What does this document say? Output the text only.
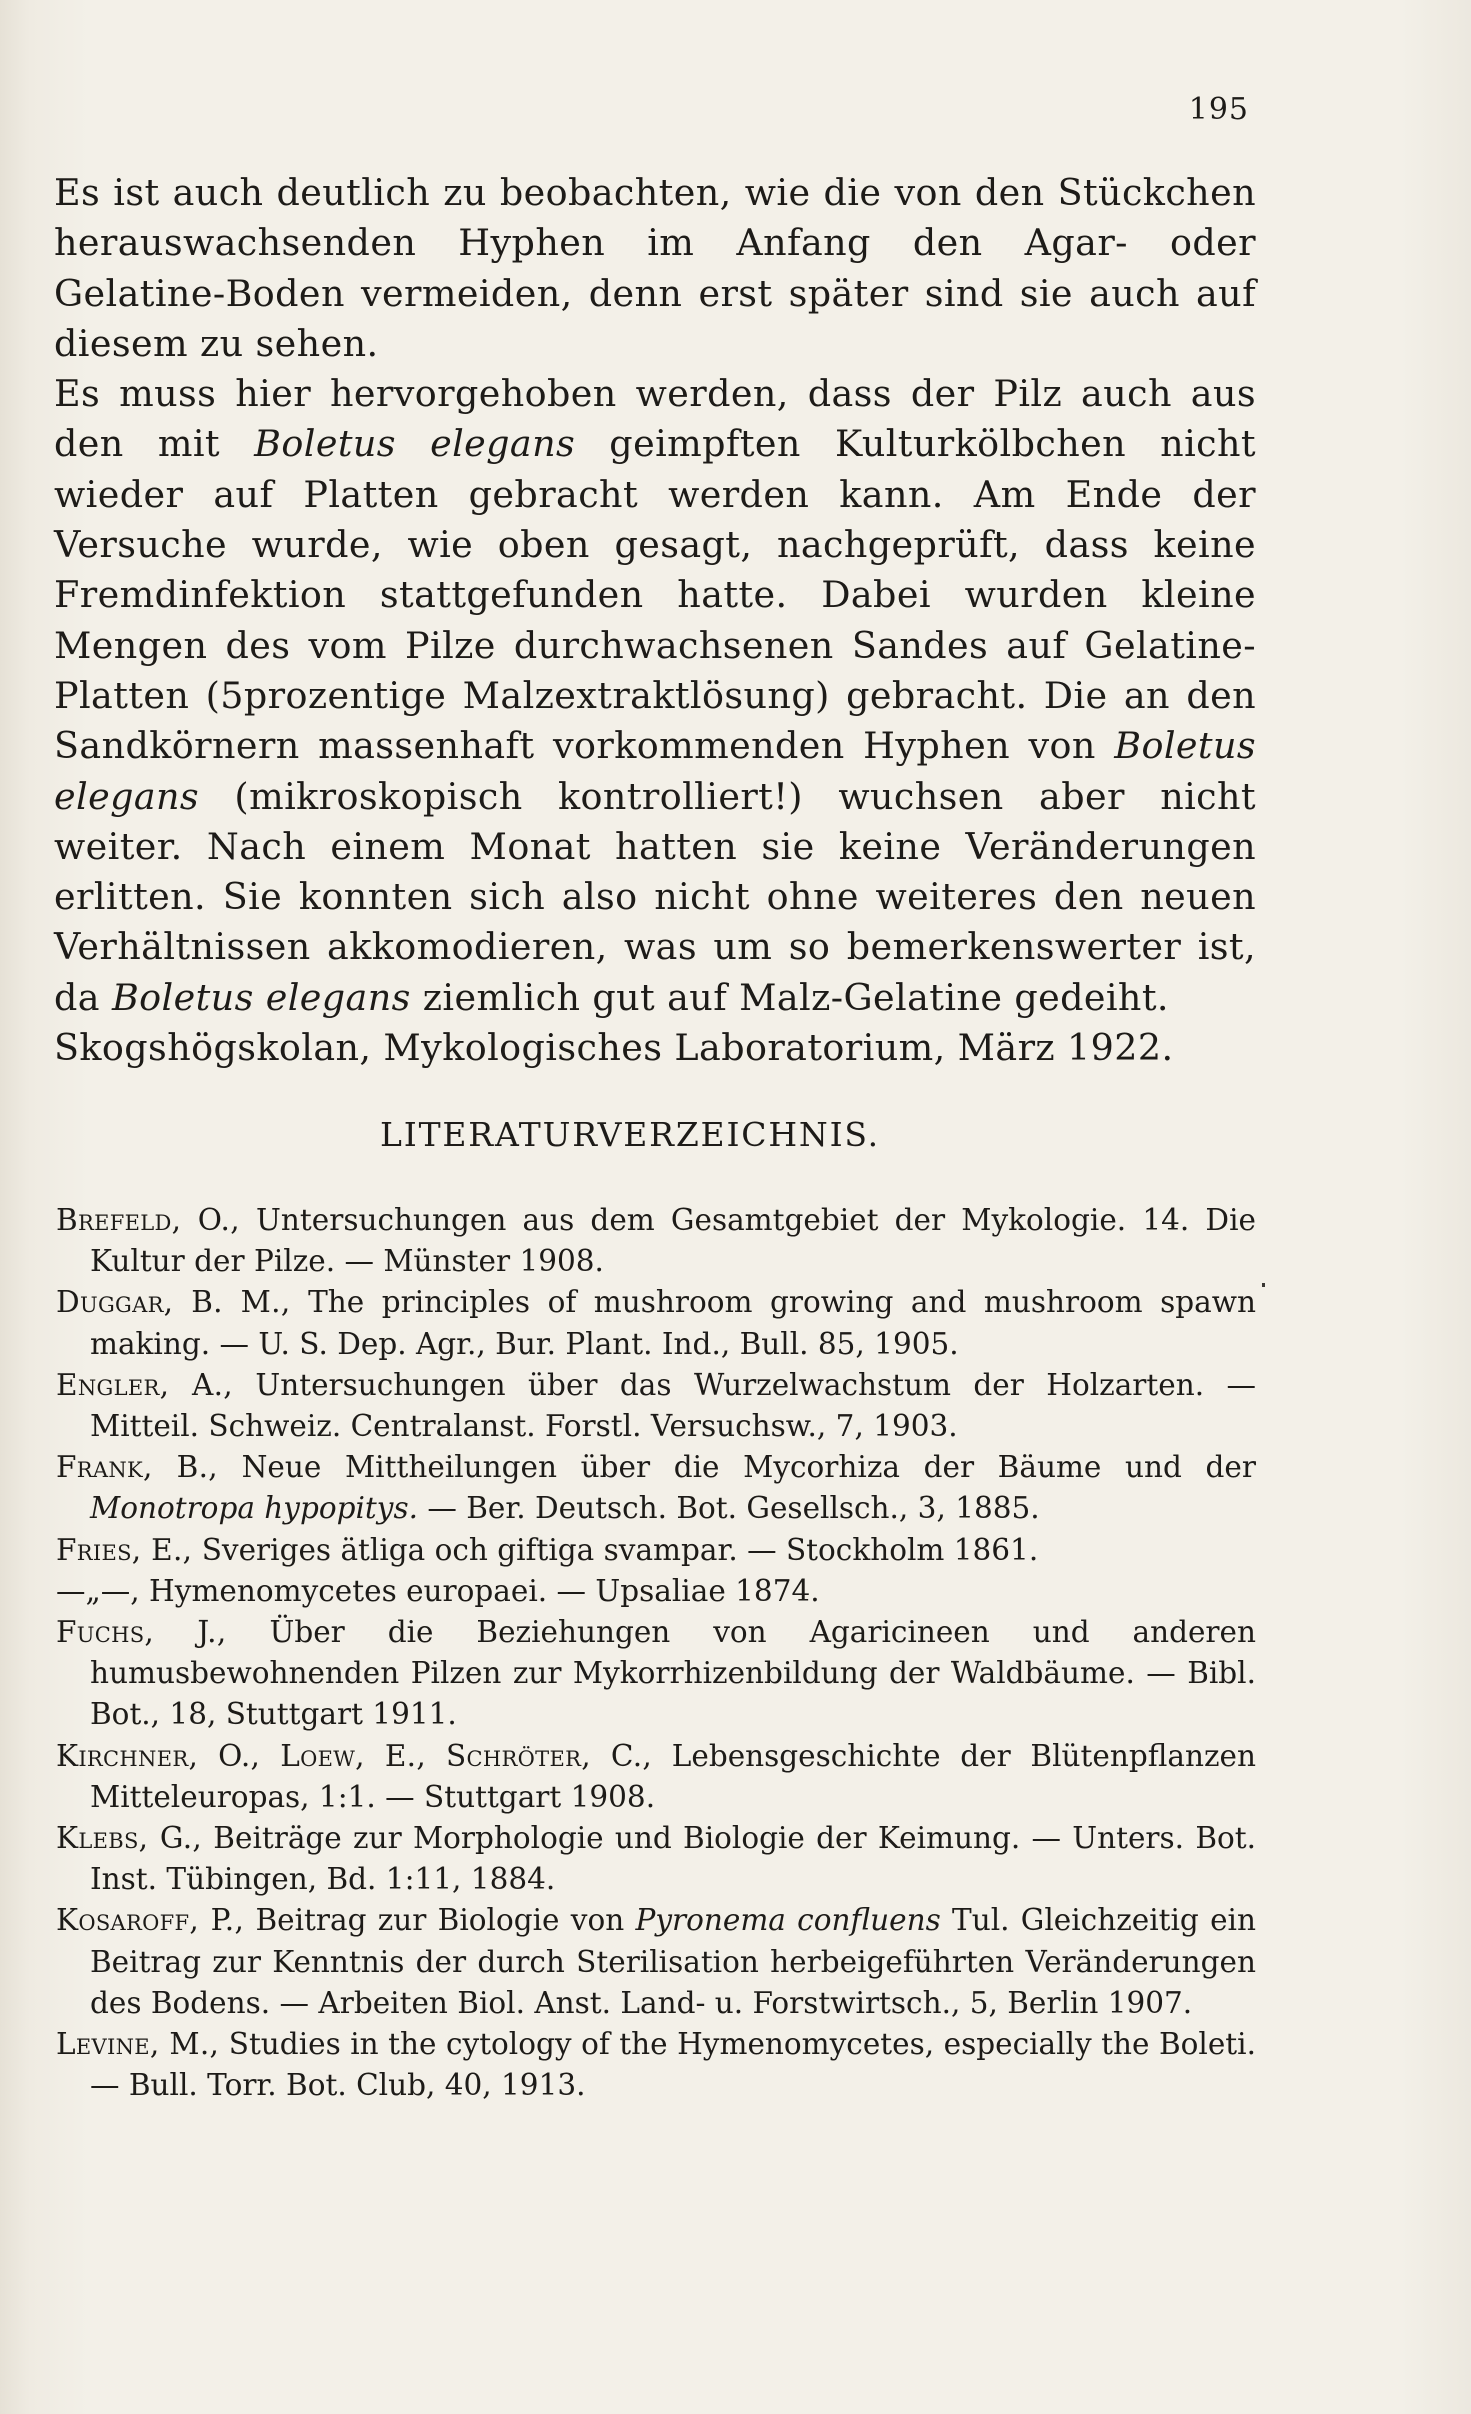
195

Es ist auch deutlich zu beobachten, wie die von den Stückchen herauswachsenden Hyphen im Anfang den Agar- oder Gelatine-Boden vermeiden, denn erst später sind sie auch auf diesem zu sehen.

Es muss hier hervorgehoben werden, dass der Pilz auch aus den mit Boletus elegans geimpften Kulturkölbchen nicht wieder auf Platten gebracht werden kann. Am Ende der Versuche wurde, wie oben gesagt, nachgeprüft, dass keine Fremdinfektion stattgefunden hatte. Dabei wurden kleine Mengen des vom Pilze durchwachsenen Sandes auf Gelatine-Platten (5prozentige Malzextraktlösung) gebracht. Die an den Sandkörnern massenhaft vorkommenden Hyphen von Boletus elegans (mikroskopisch kontrolliert!) wuchsen aber nicht weiter. Nach einem Monat hatten sie keine Veränderungen erlitten. Sie konnten sich also nicht ohne weiteres den neuen Verhältnissen akkomodieren, was um so bemerkenswerter ist, da Boletus elegans ziemlich gut auf Malz-Gelatine gedeiht.

Skogshögskolan, Mykologisches Laboratorium, März 1922.

LITERATURVERZEICHNIS.

Brefeld, O., Untersuchungen aus dem Gesamtgebiet der Mykologie. 14. Die Kultur der Pilze. — Münster 1908.

Duggar, B. M., The principles of mushroom growing and mushroom spawn making. — U. S. Dep. Agr., Bur. Plant. Ind., Bull. 85, 1905.

Engler, A., Untersuchungen über das Wurzelwachstum der Holzarten. — Mitteil. Schweiz. Centralanst. Forstl. Versuchsw., 7, 1903.

Frank, B., Neue Mittheilungen über die Mycorhiza der Bäume und der Monotropa hypopitys. — Ber. Deutsch. Bot. Gesellsch., 3, 1885.

Fries, E., Sveriges ätliga och giftiga svampar. — Stockholm 1861.

—„—, Hymenomycetes europaei. — Upsaliae 1874.

Fuchs, J., Über die Beziehungen von Agaricineen und anderen humusbewohnenden Pilzen zur Mykorrhizenbildung der Waldbäume. — Bibl. Bot., 18, Stuttgart 1911.

Kirchner, O., Loew, E., Schröter, C., Lebensgeschichte der Blütenpflanzen Mitteleuropas, 1:1. — Stuttgart 1908.

Klebs, G., Beiträge zur Morphologie und Biologie der Keimung. — Unters. Bot. Inst. Tübingen, Bd. 1:11, 1884.

Kosaroff, P., Beitrag zur Biologie von Pyronema confluens Tul. Gleichzeitig ein Beitrag zur Kenntnis der durch Sterilisation herbeigeführten Veränderungen des Bodens. — Arbeiten Biol. Anst. Land- u. Forstwirtsch., 5, Berlin 1907.

Levine, M., Studies in the cytology of the Hymenomycetes, especially the Boleti. — Bull. Torr. Bot. Club, 40, 1913.
